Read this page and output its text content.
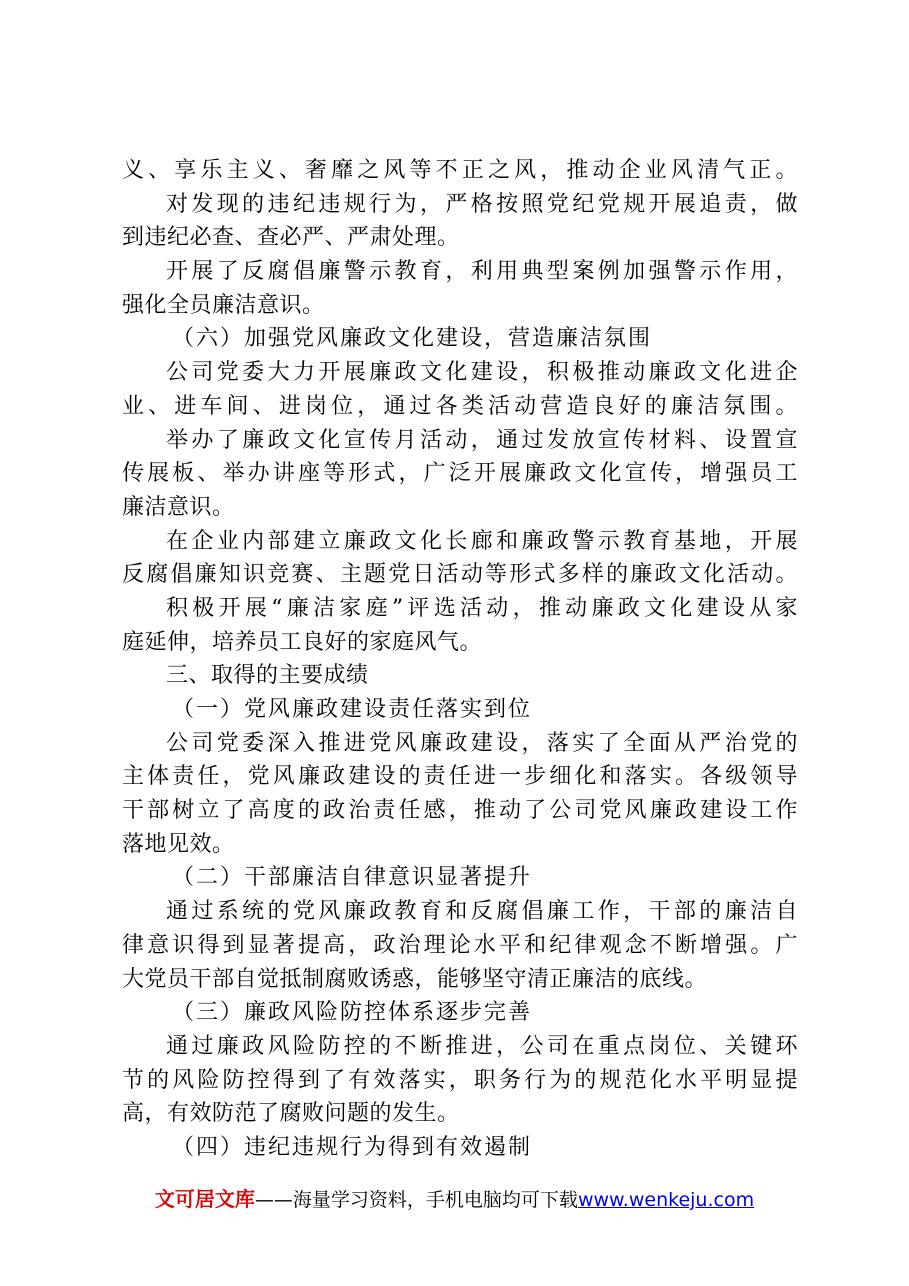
义、享乐主义、奢靡之风等不正之风，推动企业风清气正。
对发现的违纪违规行为，严格按照党纪党规开展追责，做
到违纪必查、查必严、严肃处理。
开展了反腐倡廉警示教育，利用典型案例加强警示作用，
强化全员廉洁意识。
（六）加强党风廉政文化建设，营造廉洁氛围
公司党委大力开展廉政文化建设，积极推动廉政文化进企
业、进车间、进岗位，通过各类活动营造良好的廉洁氛围。
举办了廉政文化宣传月活动，通过发放宣传材料、设置宣
传展板、举办讲座等形式，广泛开展廉政文化宣传，增强员工
廉洁意识。
在企业内部建立廉政文化长廊和廉政警示教育基地，开展
反腐倡廉知识竞赛、主题党日活动等形式多样的廉政文化活动。
积极开展“廉洁家庭”评选活动，推动廉政文化建设从家
庭延伸，培养员工良好的家庭风气。
三、取得的主要成绩
（一）党风廉政建设责任落实到位
公司党委深入推进党风廉政建设，落实了全面从严治党的
主体责任，党风廉政建设的责任进一步细化和落实。各级领导
干部树立了高度的政治责任感，推动了公司党风廉政建设工作
落地见效。
（二）干部廉洁自律意识显著提升
通过系统的党风廉政教育和反腐倡廉工作，干部的廉洁自
律意识得到显著提高，政治理论水平和纪律观念不断增强。广
大党员干部自觉抵制腐败诱惑，能够坚守清正廉洁的底线。
（三）廉政风险防控体系逐步完善
通过廉政风险防控的不断推进，公司在重点岗位、关键环
节的风险防控得到了有效落实，职务行为的规范化水平明显提
高，有效防范了腐败问题的发生。
（四）违纪违规行为得到有效遏制
文可居文库——海量学习资料，手机电脑均可下载www.wenkeju.com
